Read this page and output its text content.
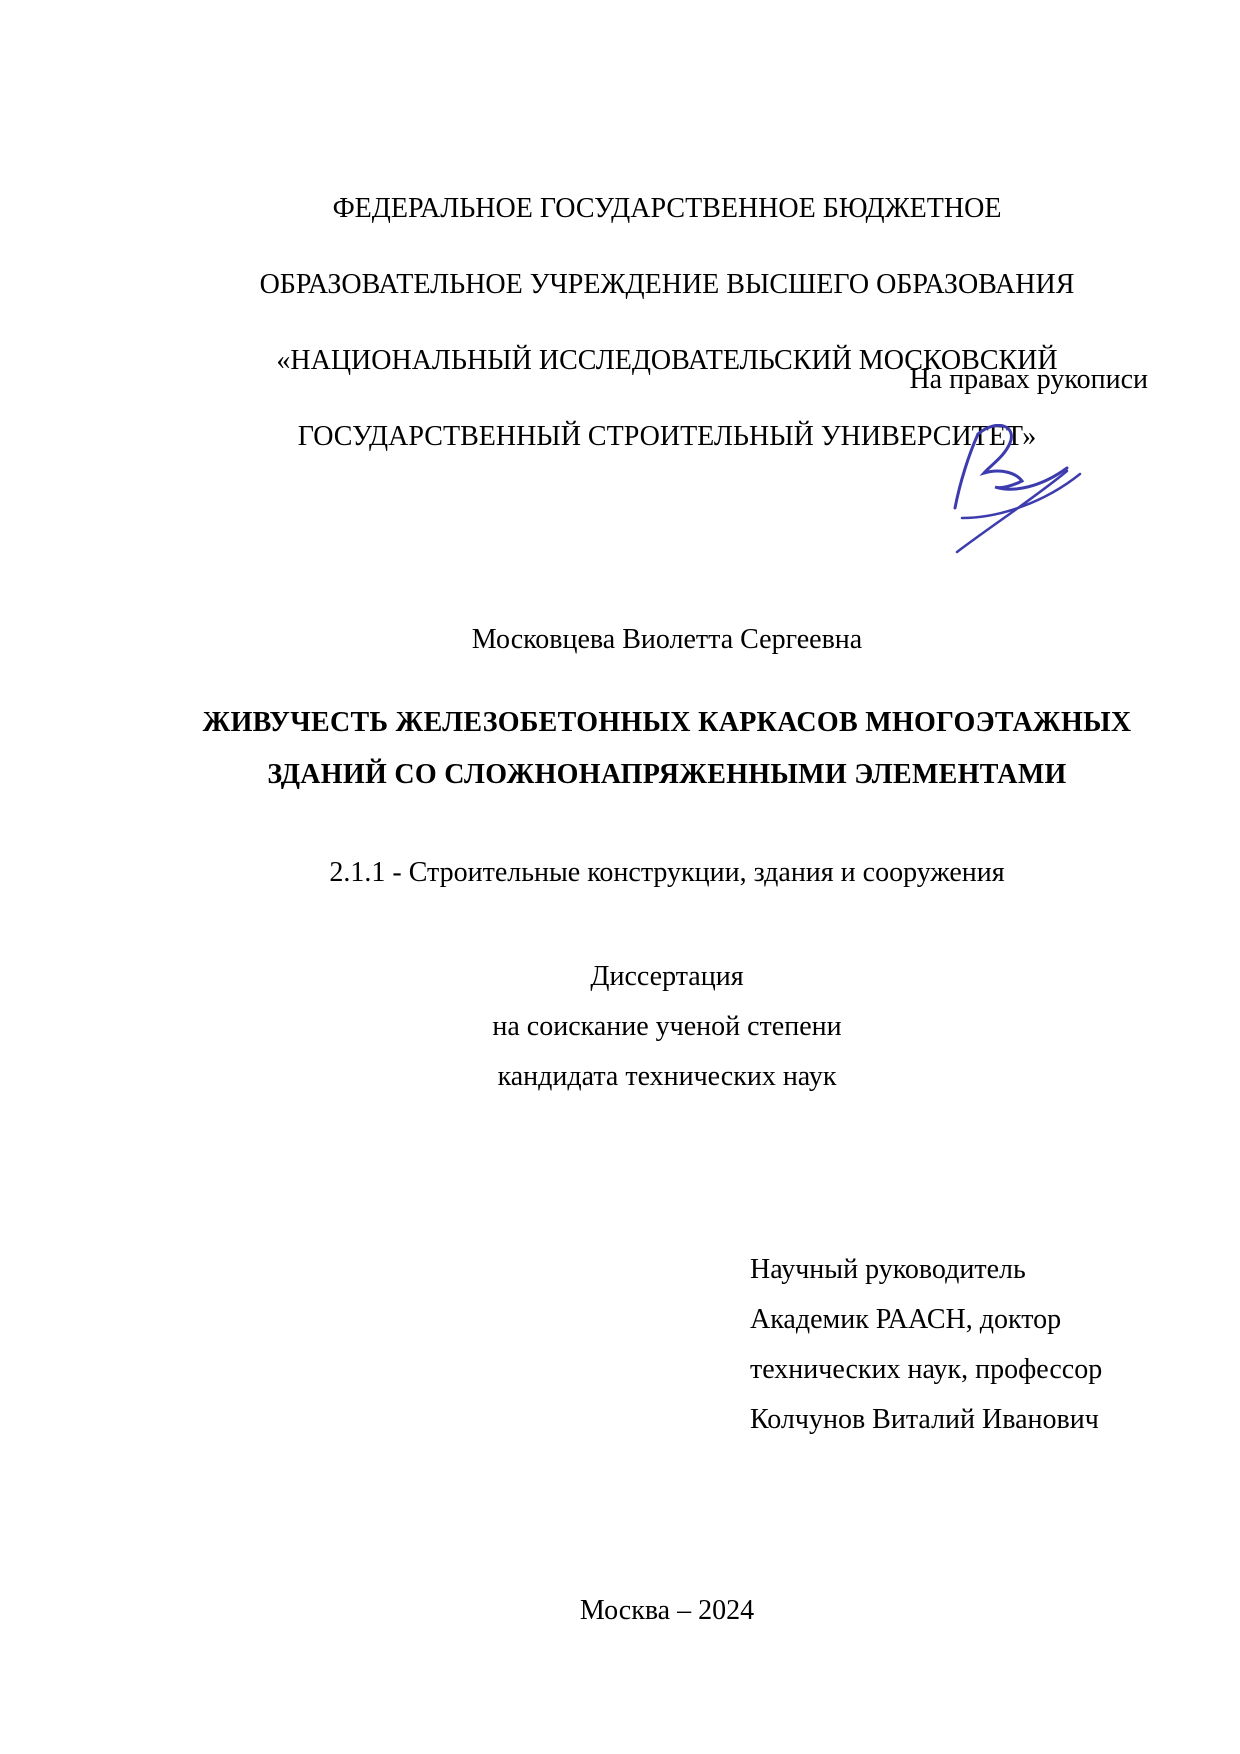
ФЕДЕРАЛЬНОЕ ГОСУДАРСТВЕННОЕ БЮДЖЕТНОЕ

ОБРАЗОВАТЕЛЬНОЕ УЧРЕЖДЕНИЕ ВЫСШЕГО ОБРАЗОВАНИЯ

«НАЦИОНАЛЬНЫЙ ИССЛЕДОВАТЕЛЬСКИЙ МОСКОВСКИЙ

ГОСУДАРСТВЕННЫЙ СТРОИТЕЛЬНЫЙ УНИВЕРСИТЕТ»

На правах рукописи
Московцева Виолетта Сергеевна
ЖИВУЧЕСТЬ ЖЕЛЕЗОБЕТОННЫХ КАРКАСОВ МНОГОЭТАЖНЫХ
ЗДАНИЙ СО СЛОЖНОНАПРЯЖЕННЫМИ ЭЛЕМЕНТАМИ
2.1.1 - Строительные конструкции, здания и сооружения
Диссертация
на соискание ученой степени
кандидата технических наук
Научный руководитель
Академик РААСН, доктор
технических наук, профессор
Колчунов Виталий Иванович
Москва – 2024
